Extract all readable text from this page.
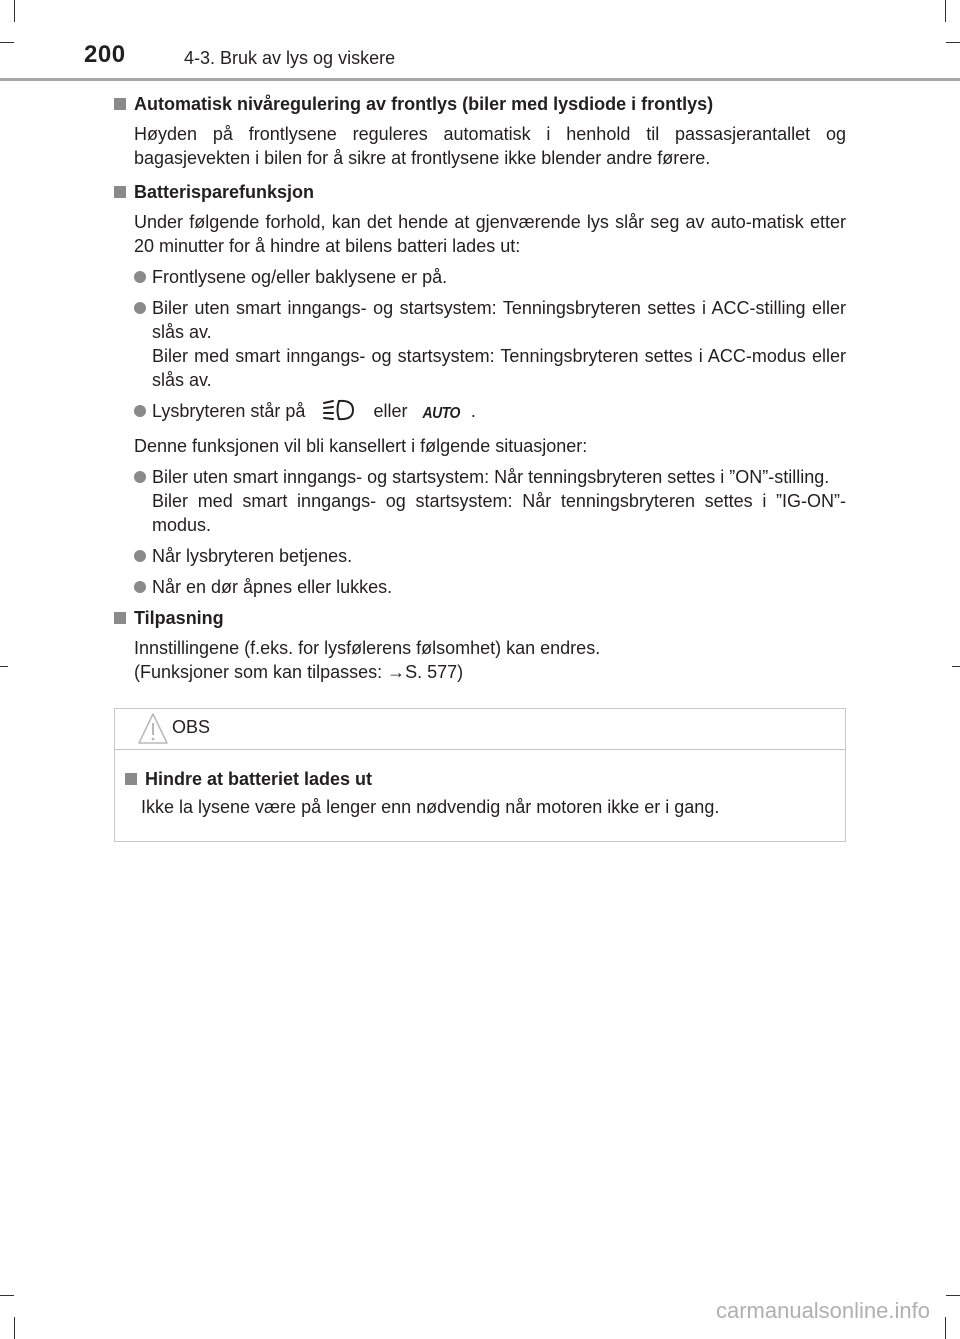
200	4-3. Bruk av lys og viskere
Automatisk nivåregulering av frontlys (biler med lysdiode i frontlys)
Høyden på frontlysene reguleres automatisk i henhold til passasjerantallet og bagasjevekten i bilen for å sikre at frontlysene ikke blender andre førere.
Batterisparefunksjon
Under følgende forhold, kan det hende at gjenværende lys slår seg av auto-matisk etter 20 minutter for å hindre at bilens batteri lades ut:
Frontlysene og/eller baklysene er på.
Biler uten smart inngangs- og startsystem: Tenningsbryteren settes i ACC-stilling eller slås av.
Biler med smart inngangs- og startsystem: Tenningsbryteren settes i ACC-modus eller slås av.
Lysbryteren står på	eller AUTO .
Denne funksjonen vil bli kansellert i følgende situasjoner:
Biler uten smart inngangs- og startsystem: Når tenningsbryteren settes i ”ON”-stilling.
Biler med smart inngangs- og startsystem: Når tenningsbryteren settes i ”IG-ON”-modus.
Når lysbryteren betjenes.
Når en dør åpnes eller lukkes.
Tilpasning
Innstillingene (f.eks. for lysfølerens følsomhet) kan endres.
(Funksjoner som kan tilpasses: →S. 577)
OBS
Hindre at batteriet lades ut
Ikke la lysene være på lenger enn nødvendig når motoren ikke er i gang.
carmanualsonline.info
